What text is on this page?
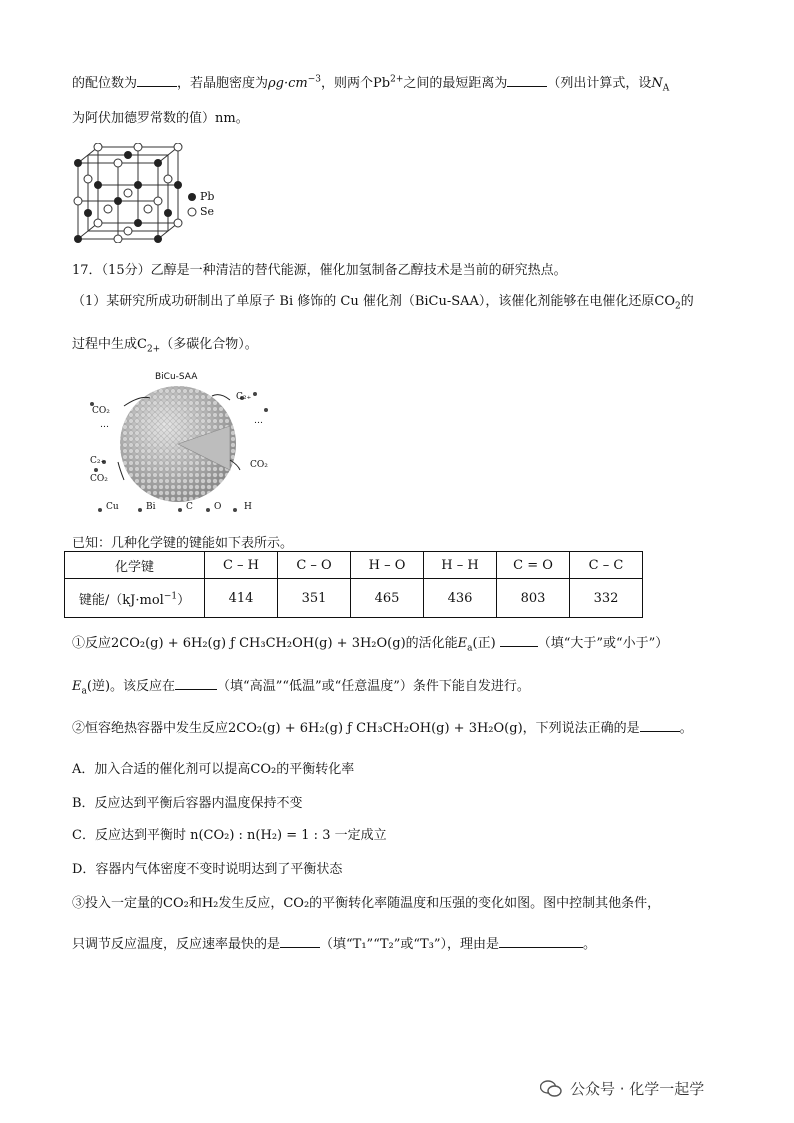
的配位数为	，若晶胞密度为$\rho g\cdot cm^{-3}$，则两个$Pb^{2+}$之间的最短距离为	（列出计算式，设$N_A$
为阿伏加德罗常数的值）nm。
Pb
Se
17．（15分）乙醇是一种清洁的替代能源，催化加氢制备乙醇技术是当前的研究热点。
（1）某研究所成功研制出了单原子 Bi 修饰的 Cu 催化剂（BiCu-SAA），该催化剂能够在电催化还原$CO_2$的
过程中生成$C_{2+}$（多碳化合物）。
BiCu-SAA
CO₂
C₂₊
CO₂
C₂₊
CO₂
…	…
Cu	Bi	C O	H
已知：几种化学键的键能如下表所示。
化学键	C – H	C – O	H – O	H – H	C = O	C – C
键能/（kJ·mol$^{-1}$）	414	351	465	436	803	332
①反应2CO₂(g) + 6H₂(g) ƒ CH₃CH₂OH(g) + 3H₂O(g)的活化能$E_a$(正)	（填“大于”或“小于”）
$E_a$(逆)。该反应在	（填“高温”“低温”或“任意温度”）条件下能自发进行。
②恒容绝热容器中发生反应2CO₂(g) + 6H₂(g) ƒ CH₃CH₂OH(g) + 3H₂O(g)，下列说法正确的是	。
A．加入合适的催化剂可以提高CO₂的平衡转化率
B．反应达到平衡后容器内温度保持不变
C．反应达到平衡时 n(CO₂) : n(H₂) = 1 : 3 一定成立
D．容器内气体密度不变时说明达到了平衡状态
③投入一定量的CO₂和H₂发生反应，CO₂的平衡转化率随温度和压强的变化如图。图中控制其他条件，
只调节反应温度，反应速率最快的是	（填“T₁”“T₂”或“T₃”），理由是	。
公众号 · 化学一起学
